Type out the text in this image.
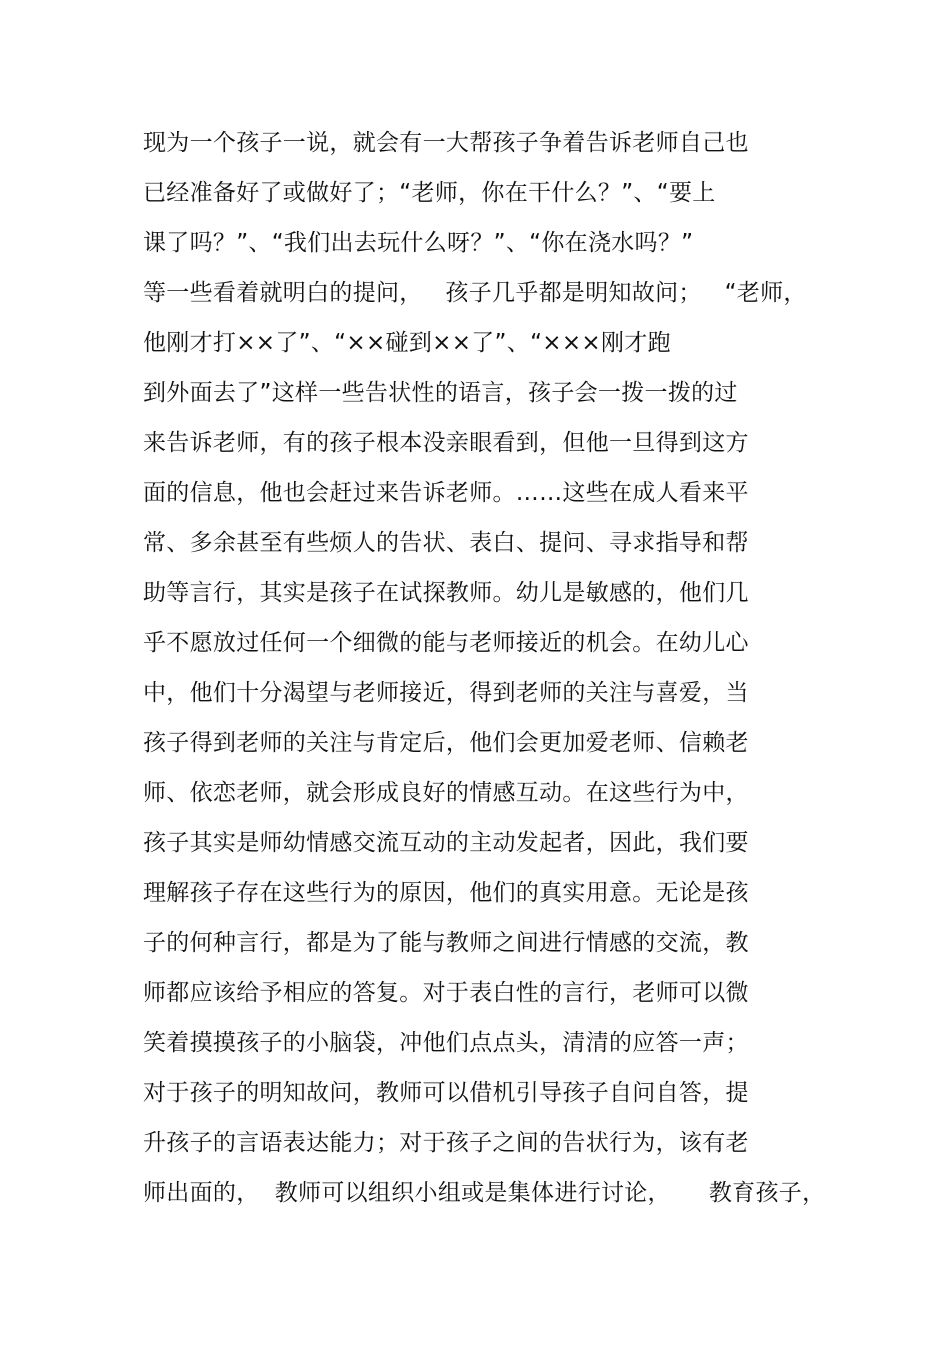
现为一个孩子一说，就会有一大帮孩子争着告诉老师自己也
已经准备好了或做好了；“老师，你在干什么？”、“要上
课了吗？”、“我们出去玩什么呀？”、“你在浇水吗？”
等一些看着就明白的提问，   孩子几乎都是明知故问；   “老师，
他刚才打××了”、“××碰到××了”、“×××刚才跑
到外面去了”这样一些告状性的语言，孩子会一拨一拨的过
来告诉老师，有的孩子根本没亲眼看到，但他一旦得到这方
面的信息，他也会赶过来告诉老师。……这些在成人看来平
常、多余甚至有些烦人的告状、表白、提问、寻求指导和帮
助等言行，其实是孩子在试探教师。幼儿是敏感的，他们几
乎不愿放过任何一个细微的能与老师接近的机会。在幼儿心
中，他们十分渴望与老师接近，得到老师的关注与喜爱，当
孩子得到老师的关注与肯定后，他们会更加爱老师、信赖老
师、依恋老师，就会形成良好的情感互动。在这些行为中，
孩子其实是师幼情感交流互动的主动发起者，因此，我们要
理解孩子存在这些行为的原因，他们的真实用意。无论是孩
子的何种言行，都是为了能与教师之间进行情感的交流，教
师都应该给予相应的答复。对于表白性的言行，老师可以微
笑着摸摸孩子的小脑袋，冲他们点点头，清清的应答一声；
对于孩子的明知故问，教师可以借机引导孩子自问自答，提
升孩子的言语表达能力；对于孩子之间的告状行为，该有老
师出面的，  教师可以组织小组或是集体进行讨论，     教育孩子，
